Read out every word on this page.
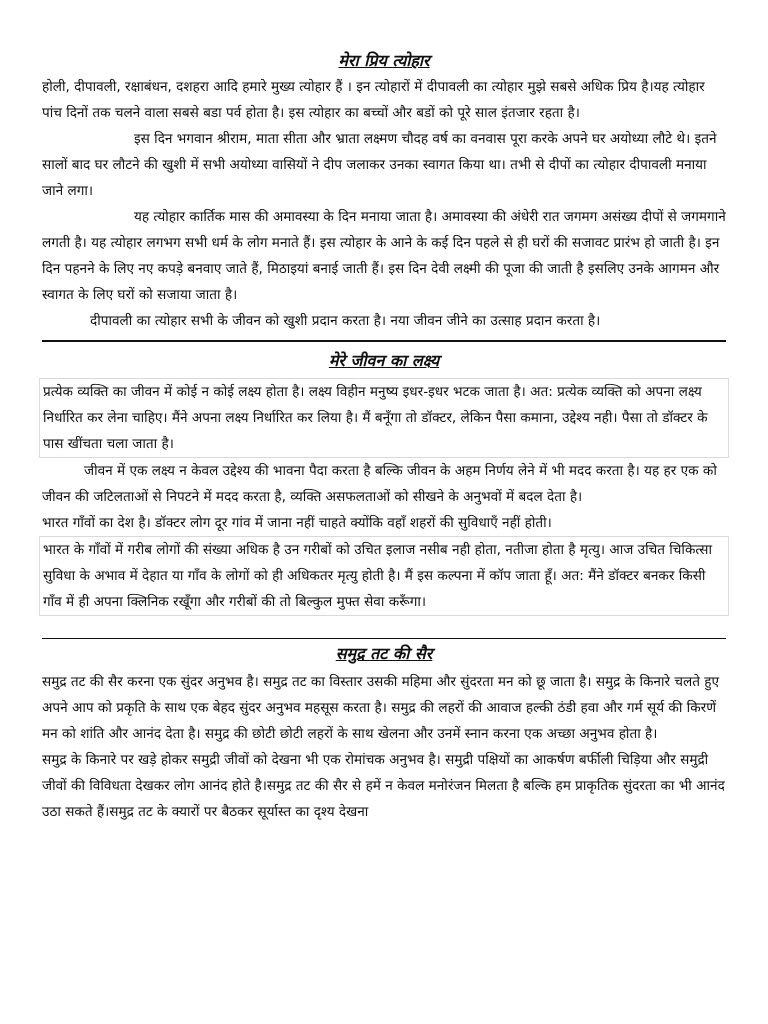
मेरा प्रिय त्योहार

होली, दीपावली, रक्षाबंधन, दशहरा आदि हमारे मुख्य त्योहार हैं । इन त्योहारों में दीपावली का त्योहार मुझे सबसे अधिक प्रिय है।यह त्योहार पांच दिनों तक चलने वाला सबसे बडा पर्व होता है। इस त्योहार का बच्चों और बडों को पूरे साल इंतजार रहता है।

इस दिन भगवान श्रीराम, माता सीता और भ्राता लक्ष्मण चौदह वर्ष का वनवास पूरा करके अपने घर अयोध्या लौटे थे। इतने सालों बाद घर लौटने की खुशी में सभी अयोध्या वासियों ने दीप जलाकर उनका स्वागत किया था। तभी से दीपों का त्योहार दीपावली मनाया जाने लगा।

यह त्योहार कार्तिक मास की अमावस्या के दिन मनाया जाता है। अमावस्या की अंधेरी रात जगमग असंख्य दीपों से जगमगाने लगती है। यह त्योहार लगभग सभी धर्म के लोग मनाते हैं। इस त्योहार के आने के कई दिन पहले से ही घरों की सजावट प्रारंभ हो जाती है। इन दिन पहनने के लिए नए कपड़े बनवाए जाते हैं, मिठाइयां बनाई जाती हैं। इस दिन देवी लक्ष्मी की पूजा की जाती है इसलिए उनके आगमन और स्वागत के लिए घरों को सजाया जाता है।

दीपावली का त्योहार सभी के जीवन को खुशी प्रदान करता है। नया जीवन जीने का उत्साह प्रदान करता है।

मेरे जीवन का लक्ष्य

प्रत्येक व्यक्ति का जीवन में कोई न कोई लक्ष्य होता है। लक्ष्य विहीन मनुष्य इधर-इधर भटक जाता है। अत: प्रत्येक व्यक्ति को अपना लक्ष्य निर्धारित कर लेना चाहिए। मैंने अपना लक्ष्य निर्धारित कर लिया है। मैं बनूँगा तो डॉक्टर, लेकिन पैसा कमाना, उद्देश्य नही। पैसा तो डॉक्टर के पास खींचता चला जाता है।

जीवन में एक लक्ष्य न केवल उद्देश्य की भावना पैदा करता है बल्कि जीवन के अहम निर्णय लेने में भी मदद करता है। यह हर एक को जीवन की जटिलताओं से निपटने में मदद करता है, व्यक्ति असफलताओं को सीखने के अनुभवों में बदल देता है।

भारत गाँवों का देश है। डॉक्टर लोग दूर गांव में जाना नहीं चाहते क्योंकि वहाँ शहरों की सुविधाएँ नहीं होती।

भारत के गाँवों में गरीब लोगों की संख्या अधिक है उन गरीबों को उचित इलाज नसीब नही होता, नतीजा होता है मृत्यु। आज उचित चिकित्सा सुविधा के अभाव में देहात या गाँव के लोगों को ही अधिकतर मृत्यु होती है। मैं इस कल्पना में कॉप जाता हूँ। अत: मैंने डॉक्टर बनकर किसी गाँव में ही अपना क्लिनिक रखूँगा और गरीबों की तो बिल्कुल मुफ्त सेवा करूँगा।

समुद्र तट की सैर

समुद्र तट की सैर करना एक सुंदर अनुभव है। समुद्र तट का विस्तार उसकी महिमा और सुंदरता मन को छू जाता है। समुद्र के किनारे चलते हुए अपने आप को प्रकृति के साथ एक बेहद सुंदर अनुभव महसूस करता है। समुद्र की लहरों की आवाज हल्की ठंडी हवा और गर्म सूर्य की किरणें मन को शांति और आनंद देता है। समुद्र की छोटी छोटी लहरों के साथ खेलना और उनमें स्नान करना एक अच्छा अनुभव होता है।

समुद्र के किनारे पर खड़े होकर समुद्री जीवों को देखना भी एक रोमांचक अनुभव है। समुद्री पक्षियों का आकर्षण बर्फीली चिड़िया और समुद्री जीवों की विविधता देखकर लोग आनंद होते है।समुद्र तट की सैर से हमें न केवल मनोरंजन मिलता है बल्कि हम प्राकृतिक सुंदरता का भी आनंद उठा सकते हैं।समुद्र तट के क्यारों पर बैठकर सूर्यास्त का दृश्य देखना
